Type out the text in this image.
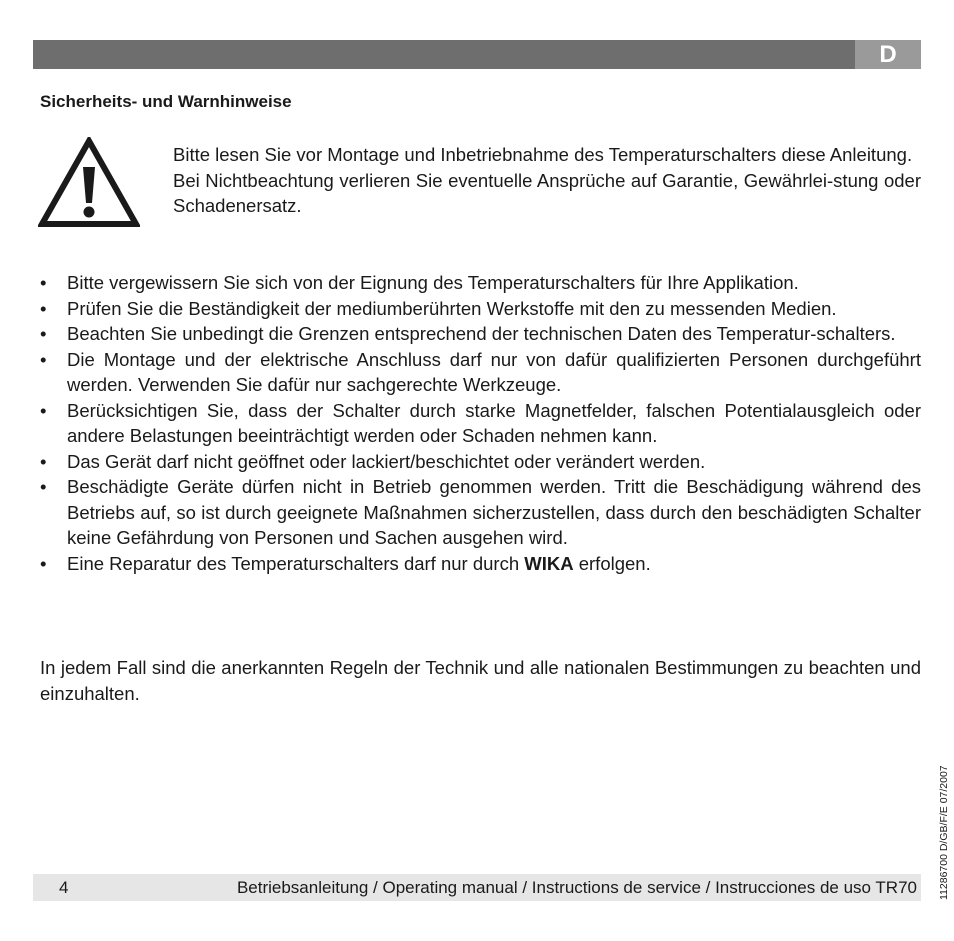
D
Sicherheits- und Warnhinweise

Bitte lesen Sie vor Montage und Inbetriebnahme des Temperaturschalters diese Anleitung.

Bei Nichtbeachtung verlieren Sie eventuelle Ansprüche auf Garantie, Gewährlei-stung oder Schadenersatz.

• Bitte vergewissern Sie sich von der Eignung des Temperaturschalters für Ihre Applikation.
• Prüfen Sie die Beständigkeit der mediumberührten Werkstoffe mit den zu messenden Medien.
• Beachten Sie unbedingt die Grenzen entsprechend der technischen Daten des Temperatur-schalters.
• Die Montage und der elektrische Anschluss darf nur von dafür qualifizierten Personen durchgeführt werden. Verwenden Sie dafür nur sachgerechte Werkzeuge.
• Berücksichtigen Sie, dass der Schalter durch starke Magnetfelder, falschen Potentialausgleich oder andere Belastungen beeinträchtigt werden oder Schaden nehmen kann.
• Das Gerät darf nicht geöffnet oder lackiert/beschichtet oder verändert werden.
• Beschädigte Geräte dürfen nicht in Betrieb genommen werden. Tritt die Beschädigung während des Betriebs auf, so ist durch geeignete Maßnahmen sicherzustellen, dass durch den beschädigten Schalter keine Gefährdung von Personen und Sachen ausgehen wird.
• Eine Reparatur des Temperaturschalters darf nur durch WIKA erfolgen.

In jedem Fall sind die anerkannten Regeln der Technik und alle nationalen Bestimmungen zu beachten und einzuhalten.

4	Betriebsanleitung / Operating manual / Instructions de service / Instrucciones de uso TR70 11286700 D/GB/F/E 07/2007
